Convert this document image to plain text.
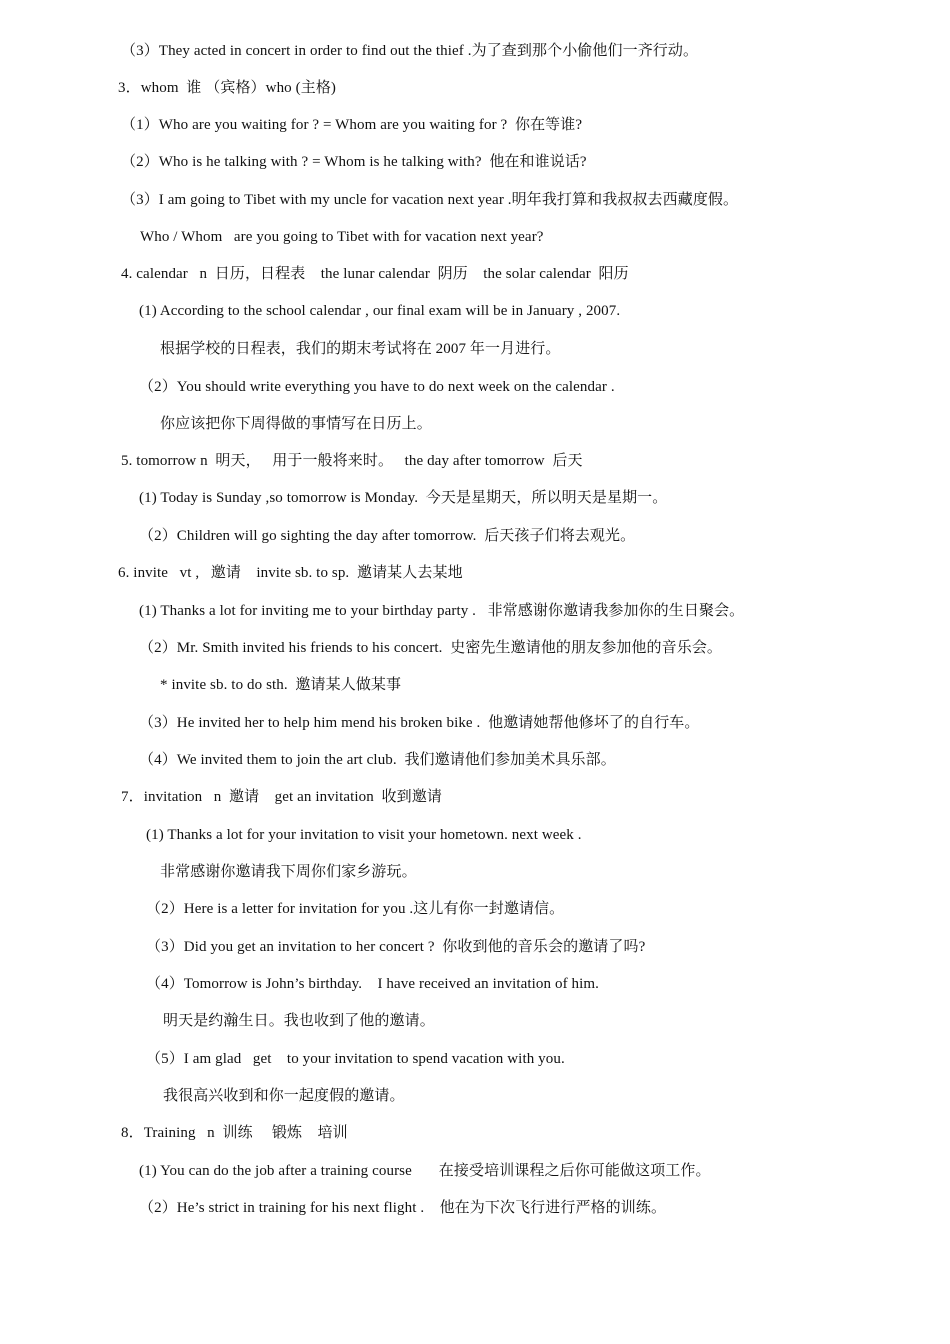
（3）They acted in concert in order to find out the thief .为了查到那个小偷他们一齐行动。
3．whom  谁 （宾格）who (主格)
（1）Who are you waiting for ? = Whom are you waiting for ?  你在等谁?
（2）Who is he talking with ? = Whom is he talking with?  他在和谁说话?
（3）I am going to Tibet with my uncle for vacation next year .明年我打算和我叔叔去西藏度假。
Who / Whom   are you going to Tibet with for vacation next year?
4. calendar   n  日历，日程表    the lunar calendar  阴历    the solar calendar  阳历
(1) According to the school calendar , our final exam will be in January , 2007.
根据学校的日程表，我们的期末考试将在 2007 年一月进行。
（2）You should write everything you have to do next week on the calendar .
你应该把你下周得做的事情写在日历上。
5. tomorrow n  明天，   用于一般将来时。   the day after tomorrow  后天
(1) Today is Sunday ,so tomorrow is Monday.  今天是星期天，所以明天是星期一。
（2）Children will go sighting the day after tomorrow.  后天孩子们将去观光。
6. invite   vt ,   邀请    invite sb. to sp.  邀请某人去某地
(1) Thanks a lot for inviting me to your birthday party .   非常感谢你邀请我参加你的生日聚会。
（2）Mr. Smith invited his friends to his concert.  史密先生邀请他的朋友参加他的音乐会。
* invite sb. to do sth.  邀请某人做某事
（3）He invited her to help him mend his broken bike .  他邀请她帮他修坏了的自行车。
（4）We invited them to join the art club.  我们邀请他们参加美术具乐部。
7．invitation   n  邀请    get an invitation  收到邀请
(1) Thanks a lot for your invitation to visit your hometown. next week .
非常感谢你邀请我下周你们家乡游玩。
（2）Here is a letter for invitation for you .这儿有你一封邀请信。
（3）Did you get an invitation to her concert ?  你收到他的音乐会的邀请了吗?
（4）Tomorrow is John’s birthday.    I have received an invitation of him.
明天是约瀚生日。我也收到了他的邀请。
（5）I am glad   get    to your invitation to spend vacation with you.
我很高兴收到和你一起度假的邀请。
8．Training   n  训练     锻炼    培训
(1) You can do the job after a training course       在接受培训课程之后你可能做这项工作。
（2）He’s strict in training for his next flight .    他在为下次飞行进行严格的训练。
